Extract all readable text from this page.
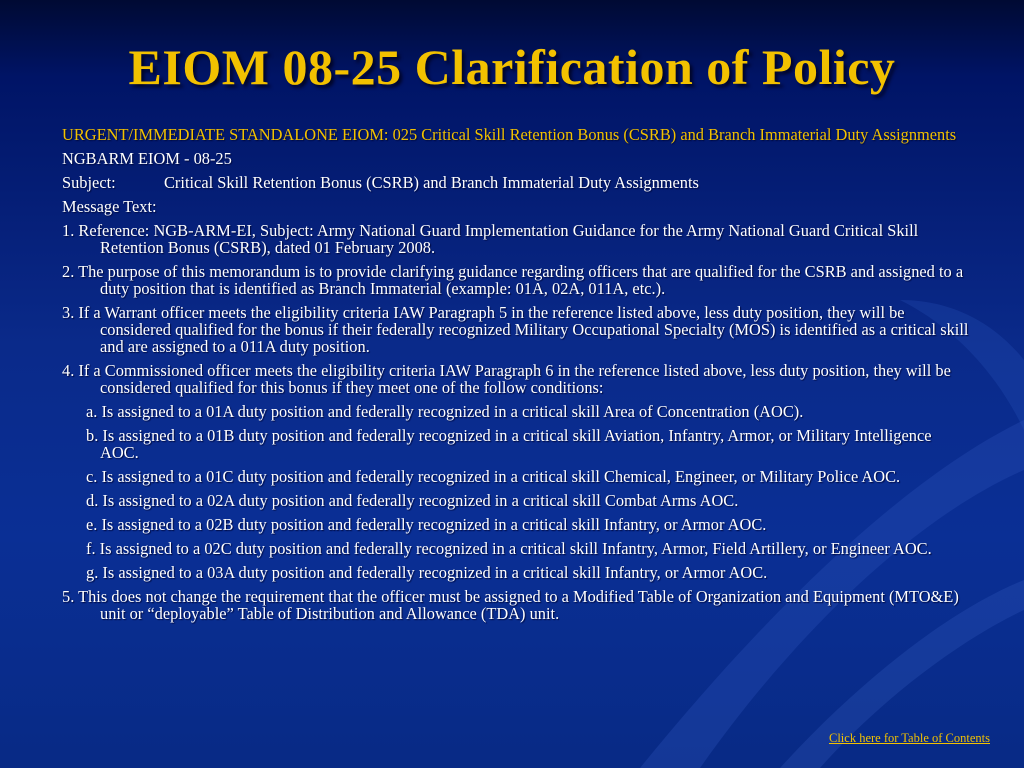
EIOM 08-25 Clarification of Policy
URGENT/IMMEDIATE STANDALONE EIOM: 025 Critical Skill Retention Bonus (CSRB) and Branch Immaterial Duty Assignments
NGBARM EIOM - 08-25
Subject:	Critical Skill Retention Bonus (CSRB) and Branch Immaterial Duty Assignments
Message Text:
1. Reference: NGB-ARM-EI, Subject: Army National Guard Implementation Guidance for the Army National Guard Critical Skill Retention Bonus (CSRB), dated 01 February 2008.
2. The purpose of this memorandum is to provide clarifying guidance regarding officers that are qualified for the CSRB and assigned to a duty position that is identified as Branch Immaterial (example: 01A, 02A, 011A, etc.).
3. If a Warrant officer meets the eligibility criteria IAW Paragraph 5 in the reference listed above, less duty position, they will be considered qualified for the bonus if their federally recognized Military Occupational Specialty (MOS) is identified as a critical skill and are assigned to a 011A duty position.
4. If a Commissioned officer meets the eligibility criteria IAW Paragraph 6 in the reference listed above, less duty position, they will be considered qualified for this bonus if they meet one of the follow conditions:
a. Is assigned to a 01A duty position and federally recognized in a critical skill Area of Concentration (AOC).
b. Is assigned to a 01B duty position and federally recognized in a critical skill Aviation, Infantry, Armor, or Military Intelligence AOC.
c. Is assigned to a 01C duty position and federally recognized in a critical skill Chemical, Engineer, or Military Police AOC.
d. Is assigned to a 02A duty position and federally recognized in a critical skill Combat Arms AOC.
e. Is assigned to a 02B duty position and federally recognized in a critical skill Infantry, or Armor AOC.
f. Is assigned to a 02C duty position and federally recognized in a critical skill Infantry, Armor, Field Artillery, or Engineer AOC.
g. Is assigned to a 03A duty position and federally recognized in a critical skill Infantry, or Armor AOC.
5. This does not change the requirement that the officer must be assigned to a Modified Table of Organization and Equipment (MTO&E) unit or “deployable” Table of Distribution and Allowance (TDA) unit.
Click here for Table of Contents
